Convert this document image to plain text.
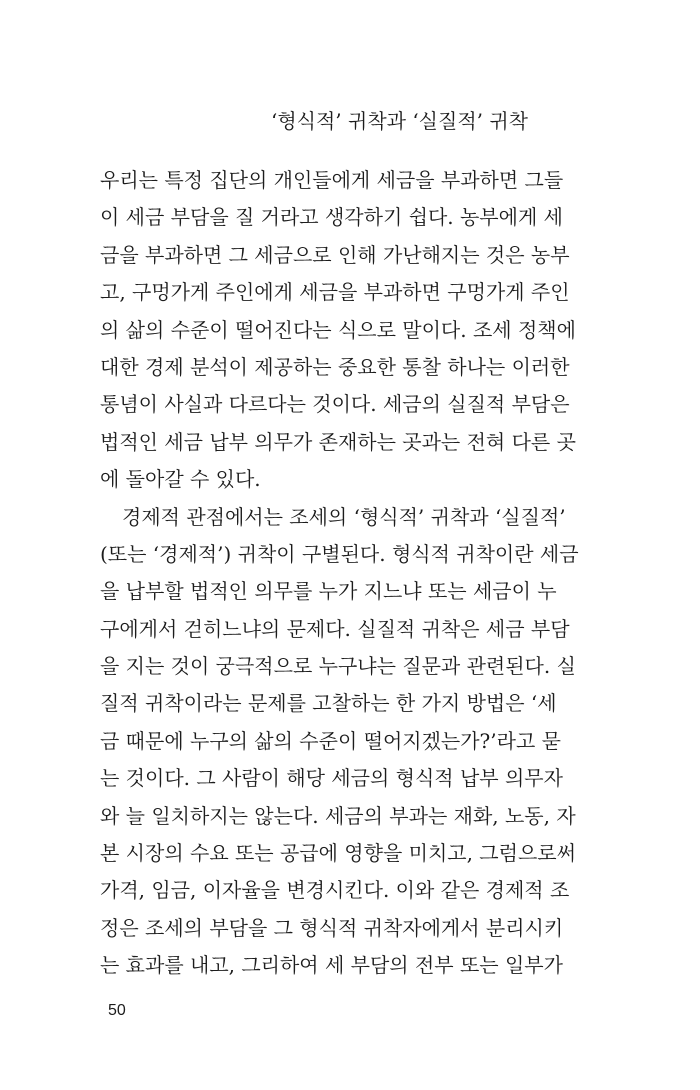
‘형식적’ 귀착과 ‘실질적’ 귀착
우리는 특정 집단의 개인들에게 세금을 부과하면 그들
이 세금 부담을 질 거라고 생각하기 쉽다. 농부에게 세
금을 부과하면 그 세금으로 인해 가난해지는 것은 농부
고, 구멍가게 주인에게 세금을 부과하면 구멍가게 주인
의 삶의 수준이 떨어진다는 식으로 말이다. 조세 정책에
대한 경제 분석이 제공하는 중요한 통찰 하나는 이러한
통념이 사실과 다르다는 것이다. 세금의 실질적 부담은
법적인 세금 납부 의무가 존재하는 곳과는 전혀 다른 곳
에 돌아갈 수 있다.
경제적 관점에서는 조세의 ‘형식적’ 귀착과 ‘실질적’
(또는 ‘경제적’) 귀착이 구별된다. 형식적 귀착이란 세금
을 납부할 법적인 의무를 누가 지느냐 또는 세금이 누
구에게서 걷히느냐의 문제다. 실질적 귀착은 세금 부담
을 지는 것이 궁극적으로 누구냐는 질문과 관련된다. 실
질적 귀착이라는 문제를 고찰하는 한 가지 방법은 ‘세
금 때문에 누구의 삶의 수준이 떨어지겠는가?’라고 묻
는 것이다. 그 사람이 해당 세금의 형식적 납부 의무자
와 늘 일치하지는 않는다. 세금의 부과는 재화, 노동, 자
본 시장의 수요 또는 공급에 영향을 미치고, 그럼으로써
가격, 임금, 이자율을 변경시킨다. 이와 같은 경제적 조
정은 조세의 부담을 그 형식적 귀착자에게서 분리시키
는 효과를 내고, 그리하여 세 부담의 전부 또는 일부가
50
